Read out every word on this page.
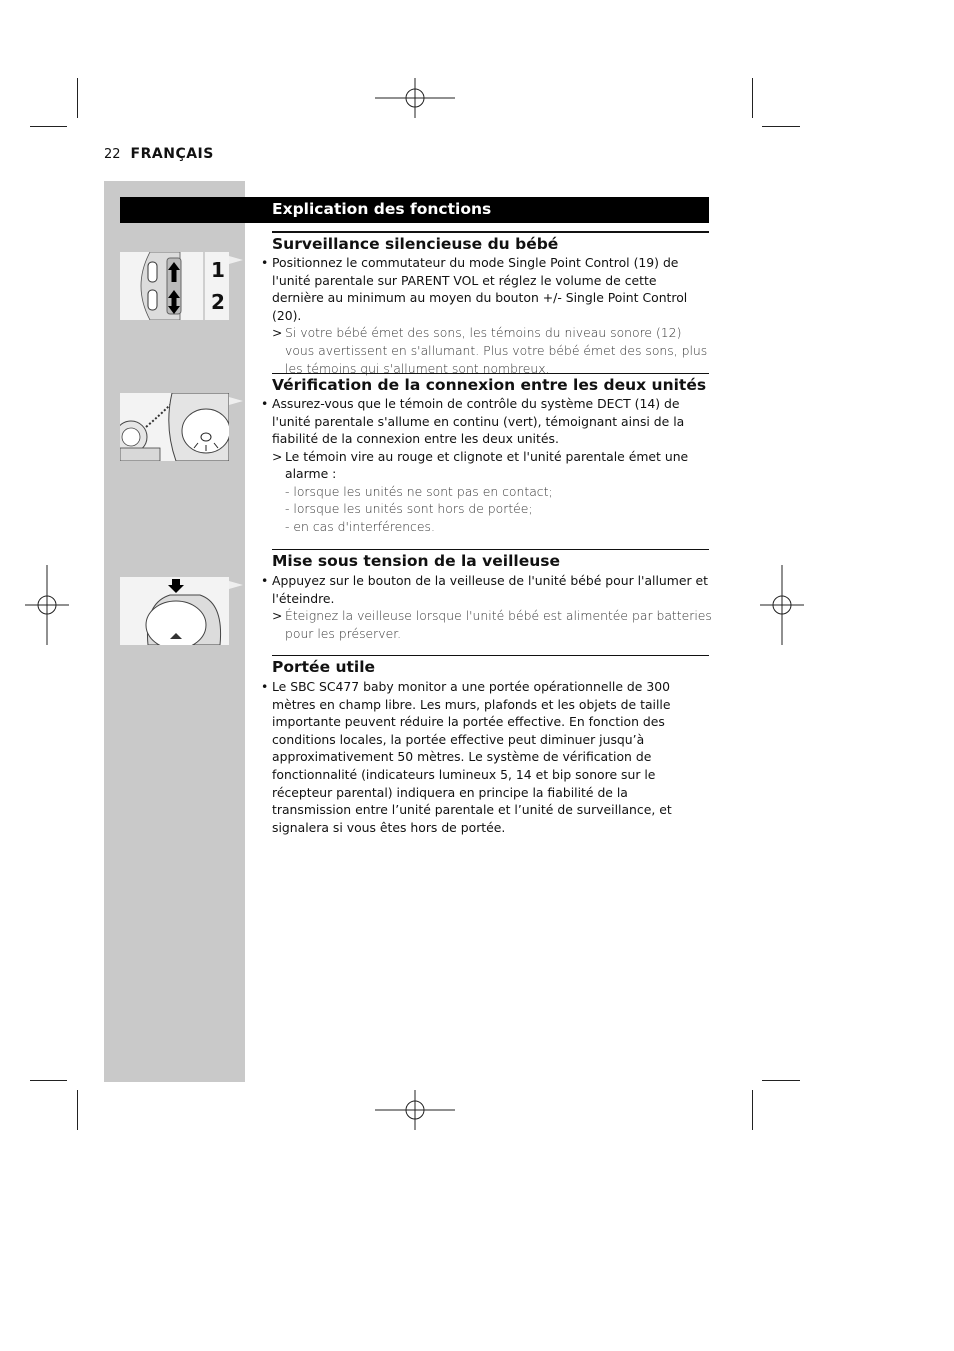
22 FRANÇAIS
Explication des fonctions
1
2
Surveillance silencieuse du bébé
• Positionnez le commutateur du mode Single Point Control (19) de l'unité parentale sur PARENT VOL et réglez le volume de cette dernière au minimum au moyen du bouton +/- Single Point Control (20).
> Si votre bébé émet des sons, les témoins du niveau sonore (12) vous avertissent en s'allumant. Plus votre bébé émet des sons, plus les témoins qui s'allument sont nombreux.
Vérification de la connexion entre les deux unités
• Assurez-vous que le témoin de contrôle du système DECT (14) de l'unité parentale s'allume en continu (vert), témoignant ainsi de la fiabilité de la connexion entre les deux unités.
> Le témoin vire au rouge et clignote et l'unité parentale émet une alarme :
- lorsque les unités ne sont pas en contact;
- lorsque les unités sont hors de portée;
- en cas d'interférences.
Mise sous tension de la veilleuse
• Appuyez sur le bouton de la veilleuse de l'unité bébé pour l'allumer et l'éteindre.
> Éteignez la veilleuse lorsque l'unité bébé est alimentée par batteries pour les préserver.
Portée utile
• Le SBC SC477 baby monitor a une portée opérationnelle de 300 mètres en champ libre. Les murs, plafonds et les objets de taille importante peuvent réduire la portée effective. En fonction des conditions locales, la portée effective peut diminuer jusqu’à approximativement 50 mètres. Le système de vérification de fonctionnalité (indicateurs lumineux 5, 14 et bip sonore sur le récepteur parental) indiquera en principe la fiabilité de la transmission entre l’unité parentale et l’unité de surveillance, et signalera si vous êtes hors de portée.
